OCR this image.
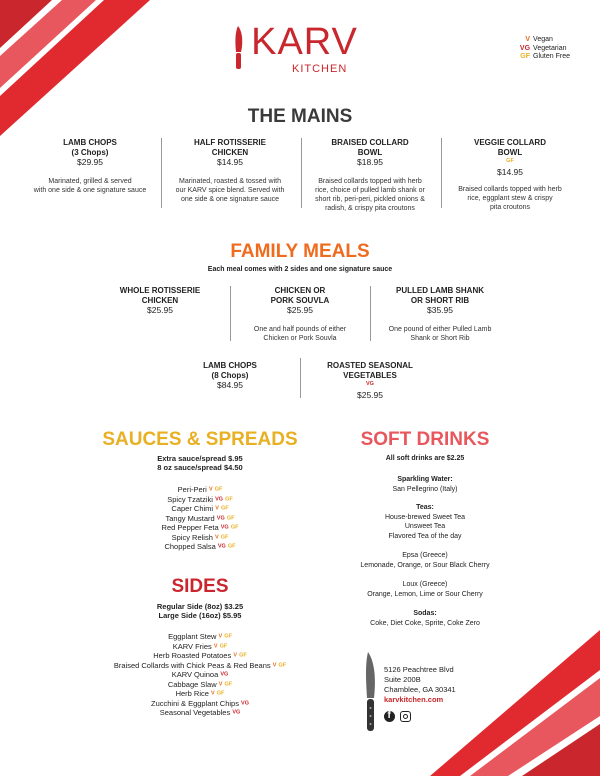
KARV
KITCHEN
V Vegan
VG Vegetarian
GF Gluten Free
THE MAINS
LAMB CHOPS
(3 Chops)
$29.95
Marinated, grilled & served
with one side & one signature sauce
HALF ROTISSERIE
CHICKEN
$14.95
Marinated, roasted & tossed with
our KARV spice blend. Served with
one side & one signature sauce
BRAISED COLLARD
BOWL
$18.95
Braised collards topped with herb
rice, choice of pulled lamb shank or
short rib, peri-peri, pickled onions &
radish, & crispy pita croutons
VEGGIE COLLARD
BOWL
GF
$14.95
Braised collards topped with herb
rice, eggplant stew & crispy
pita croutons
FAMILY MEALS
Each meal comes with 2 sides and one signature sauce
WHOLE ROTISSERIE
CHICKEN
$25.95
CHICKEN OR
PORK SOUVLA
$25.95
One and half pounds of either
Chicken or Pork Souvla
PULLED LAMB SHANK
OR SHORT RIB
$35.95
One pound of either Pulled Lamb
Shank or Short Rib
LAMB CHOPS
(8 Chops)
$84.95
ROASTED SEASONAL
VEGETABLES
VG
$25.95
SAUCES & SPREADS
Extra sauce/spread $.95
8 oz sauce/spread $4.50
Peri-Peri V GF
Spicy Tzatziki VG GF
Caper Chimi V GF
Tangy Mustard VG GF
Red Pepper Feta VG GF
Spicy Relish V GF
Chopped Salsa VG GF
SIDES
Regular Side (8oz) $3.25
Large Side (16oz) $5.95
Eggplant Stew V GF
KARV Fries V GF
Herb Roasted Potatoes V GF
Braised Collards with Chick Peas & Red Beans V GF
KARV Quinoa VG
Cabbage Slaw V GF
Herb Rice V GF
Zucchini & Eggplant Chips VG
Seasonal Vegetables VG
SOFT DRINKS
All soft drinks are $2.25
Sparkling Water:
San Pellegrino (Italy)
Teas:
House-brewed Sweet Tea
Unsweet Tea
Flavored Tea of the day
Epsa (Greece)
Lemonade, Orange, or Sour Black Cherry
Loux (Greece)
Orange, Lemon, Lime or Sour Cherry
Sodas:
Coke, Diet Coke, Sprite, Coke Zero
5126 Peachtree Blvd
Suite 200B
Chamblee, GA 30341
karvkitchen.com
f
